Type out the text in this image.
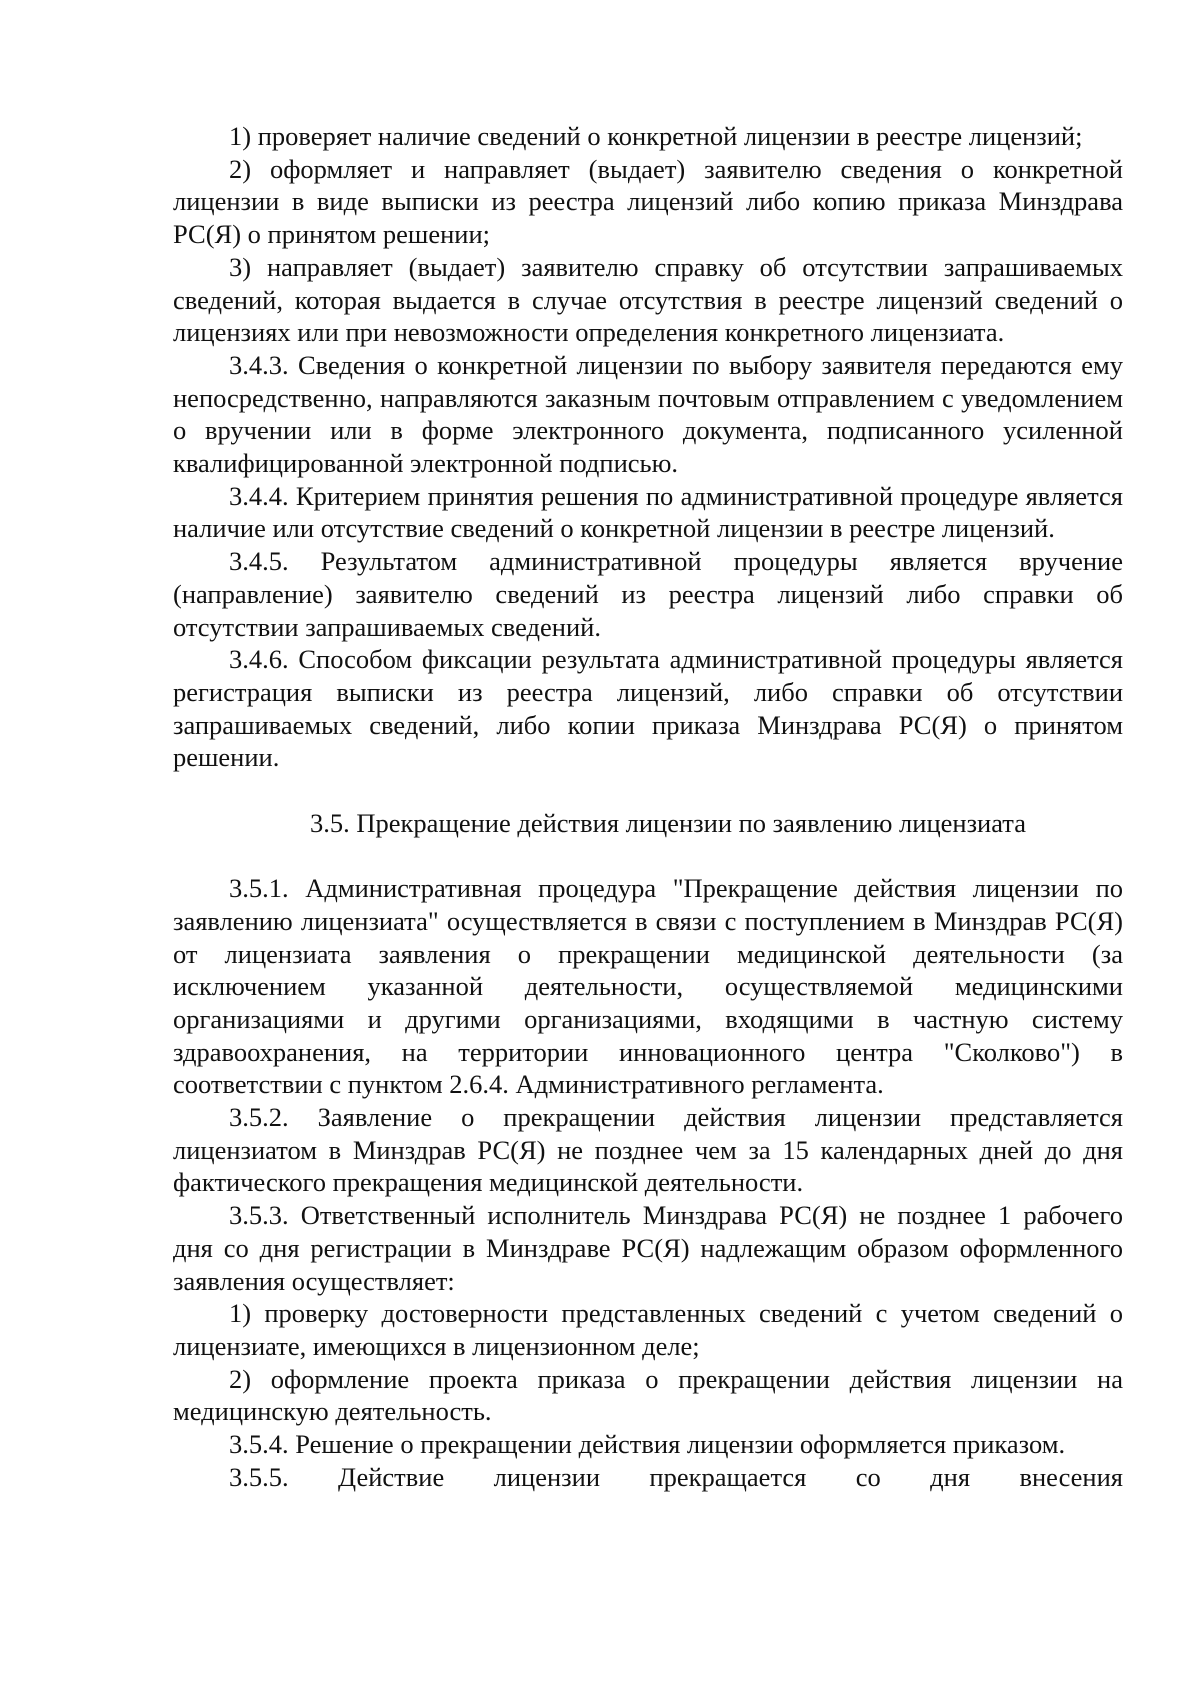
1) проверяет наличие сведений о конкретной лицензии в реестре лицензий;

2) оформляет и направляет (выдает) заявителю сведения о конкретной лицензии в виде выписки из реестра лицензий либо копию приказа Минздрава РС(Я) о принятом решении;

3) направляет (выдает) заявителю справку об отсутствии запрашиваемых сведений, которая выдается в случае отсутствия в реестре лицензий сведений о лицензиях или при невозможности определения конкретного лицензиата.

3.4.3. Сведения о конкретной лицензии по выбору заявителя передаются ему непосредственно, направляются заказным почтовым отправлением с уведомлением о вручении или в форме электронного документа, подписанного усиленной квалифицированной электронной подписью.

3.4.4. Критерием принятия решения по административной процедуре является наличие или отсутствие сведений о конкретной лицензии в реестре лицензий.

3.4.5. Результатом административной процедуры является вручение (направление) заявителю сведений из реестра лицензий либо справки об отсутствии запрашиваемых сведений.

3.4.6. Способом фиксации результата административной процедуры является регистрация выписки из реестра лицензий, либо справки об отсутствии запрашиваемых сведений, либо копии приказа Минздрава РС(Я) о принятом решении.

3.5. Прекращение действия лицензии по заявлению лицензиата

3.5.1. Административная процедура "Прекращение действия лицензии по заявлению лицензиата" осуществляется в связи с поступлением в Минздрав РС(Я) от лицензиата заявления о прекращении медицинской деятельности (за исключением указанной деятельности, осуществляемой медицинскими организациями и другими организациями, входящими в частную систему здравоохранения, на территории инновационного центра "Сколково") в соответствии с пунктом 2.6.4. Административного регламента.

3.5.2. Заявление о прекращении действия лицензии представляется лицензиатом в Минздрав РС(Я) не позднее чем за 15 календарных дней до дня фактического прекращения медицинской деятельности.

3.5.3. Ответственный исполнитель Минздрава РС(Я) не позднее 1 рабочего дня со дня регистрации в Минздраве РС(Я) надлежащим образом оформленного заявления осуществляет:

1) проверку достоверности представленных сведений с учетом сведений о лицензиате, имеющихся в лицензионном деле;

2) оформление проекта приказа о прекращении действия лицензии на медицинскую деятельность.

3.5.4. Решение о прекращении действия лицензии оформляется приказом.

3.5.5. Действие лицензии прекращается со дня внесения
